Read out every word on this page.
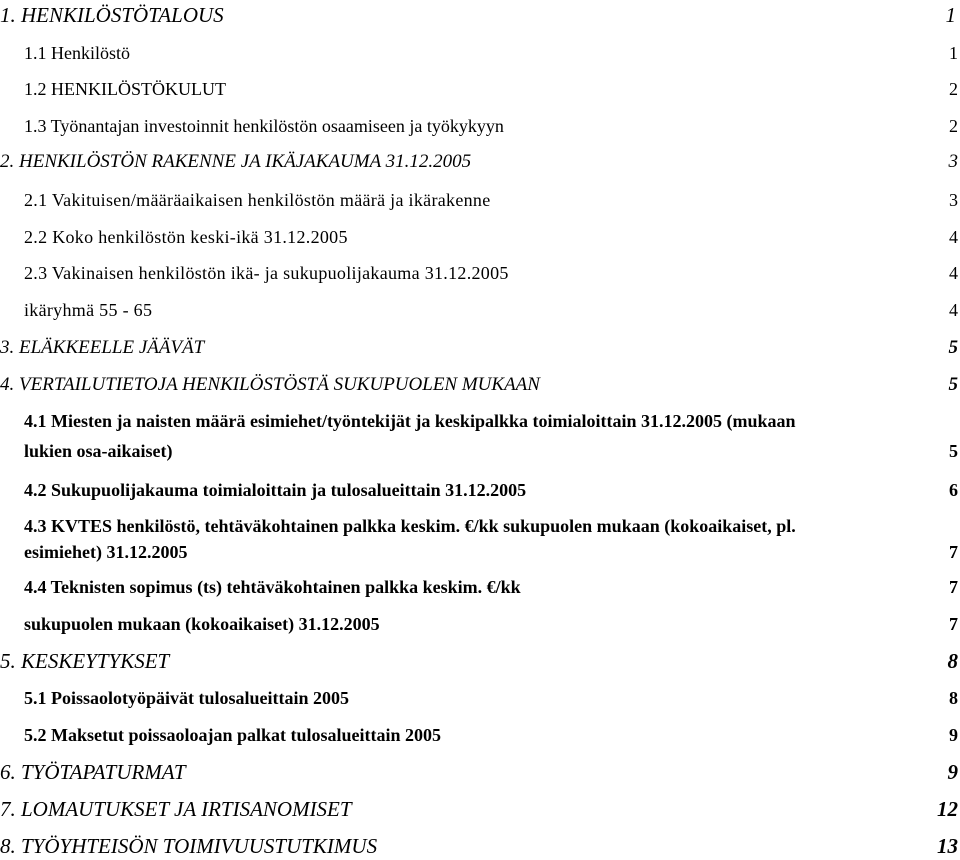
1. HENKILÖSTÖTALOUS	1
1.1 Henkilöstö	1
1.2 HENKILÖSTÖKULUT	2
1.3 Työnantajan investoinnit henkilöstön osaamiseen ja työkykyyn	2
2. HENKILÖSTÖN RAKENNE JA IKÄJAKAUMA 31.12.2005	3
2.1 Vakituisen/määräaikaisen henkilöstön määrä ja ikärakenne	3
2.2 Koko henkilöstön keski-ikä 31.12.2005	4
2.3 Vakinaisen henkilöstön ikä- ja sukupuolijakauma 31.12.2005	4
ikäryhmä 55 - 65	4
3. ELÄKKEELLE JÄÄVÄT	5
4. VERTAILUTIETOJA HENKILÖSTÖSTÄ SUKUPUOLEN MUKAAN	5
4.1 Miesten ja naisten määrä esimiehet/työntekijät ja keskipalkka toimialoittain 31.12.2005 (mukaan
lukien osa-aikaiset)	5
4.2 Sukupuolijakauma toimialoittain ja tulosalueittain 31.12.2005	6
4.3 KVTES henkilöstö, tehtäväkohtainen palkka keskim. €/kk sukupuolen mukaan (kokoaikaiset, pl.
esimiehet) 31.12.2005	7
4.4 Teknisten sopimus (ts) tehtäväkohtainen palkka keskim. €/kk	7
sukupuolen mukaan (kokoaikaiset) 31.12.2005	7
5. KESKEYTYKSET	8
5.1 Poissaolotyöpäivät tulosalueittain 2005	8
5.2 Maksetut poissaoloajan palkat tulosalueittain 2005	9
6. TYÖTAPATURMAT	9
7. LOMAUTUKSET JA IRTISANOMISET	12
8. TYÖYHTEISÖN TOIMIVUUSTUTKIMUS	13
